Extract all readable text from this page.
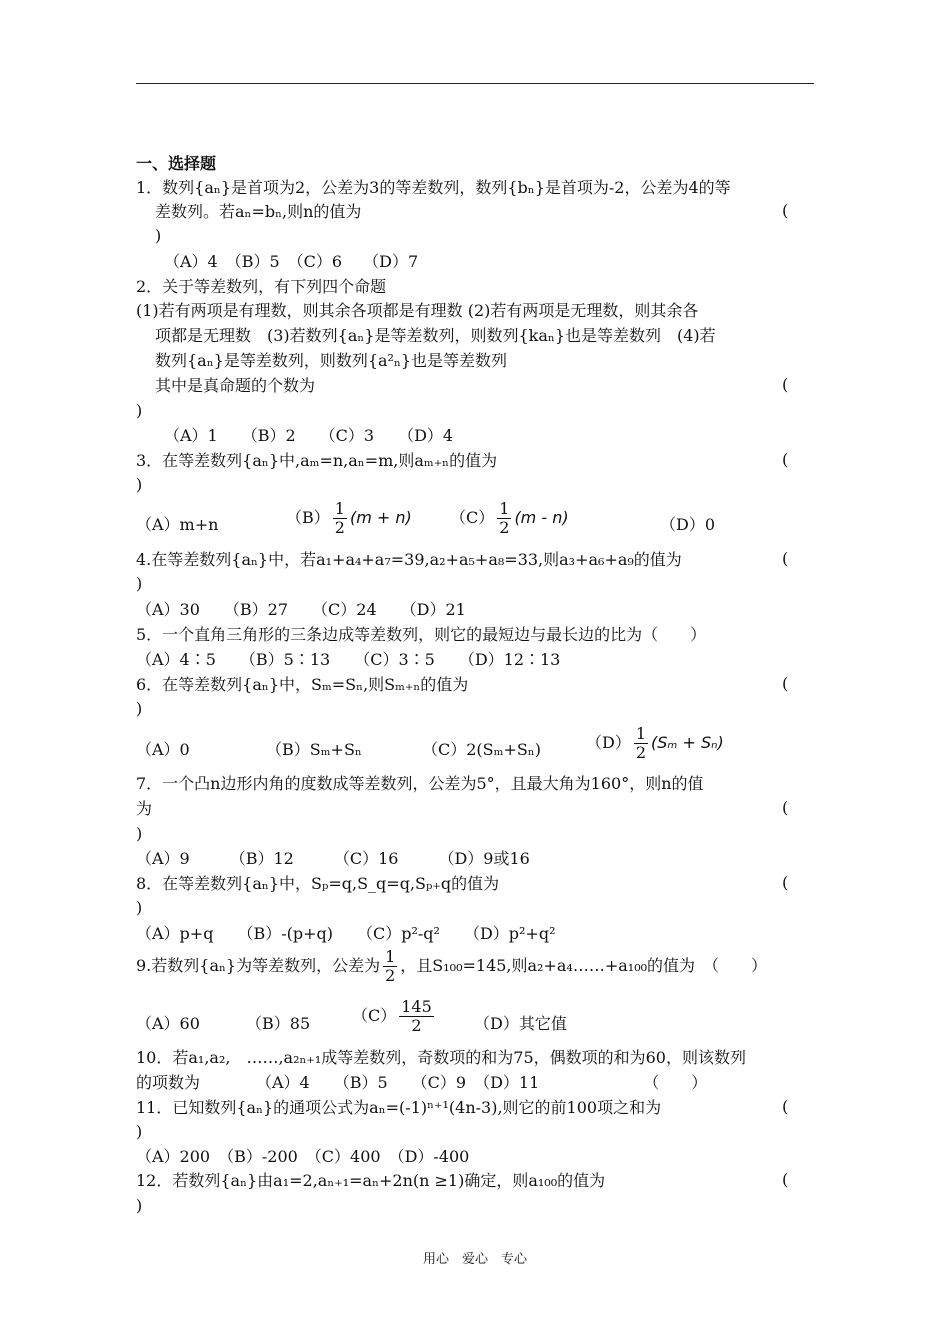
一、选择题
1．数列{aₙ}是首项为2，公差为3的等差数列，数列{bₙ}是首项为-2，公差为4的等
差数列。若aₙ=bₙ,则n的值为	(
)
（A）4　（B）5　（C）6　 （D）7
2．关于等差数列，有下列四个命题
(1)若有两项是有理数，则其余各项都是有理数 (2)若有两项是无理数，则其余各
项都是无理数　(3)若数列{aₙ}是等差数列，则数列{kaₙ}也是等差数列　(4)若
数列{aₙ}是等差数列，则数列{a²ₙ}也是等差数列
其中是真命题的个数为	(
)
（A）1　　（B）2　　（C）3　　（D）4
3．在等差数列{aₙ}中,aₘ=n,aₙ=m,则aₘ₊ₙ的值为	(
)
（A）m+n	$(B) \frac{1}{2} (m + n)$ $(C) \frac{1}{2} (m - n)$	（D）0
4.在等差数列{aₙ}中，若a₁+a₄+a₇=39,a₂+a₅+a₈=33,则a₃+a₆+a₉的值为	(
)
（A）30　　（B）27　　（C）24　　（D）21
5．一个直角三角形的三条边成等差数列，则它的最短边与最长边的比为（　　）
（A）4∶5　　（B）5∶13　　（C）3∶5　　（D）12∶13
6．在等差数列{aₙ}中，Sₘ=Sₙ,则Sₘ₊ₙ的值为	(
)
（A）0	（B）Sₘ+Sₙ	（C）2(Sₘ+Sₙ)	$(D) \frac{1}{2} (S_m + S_n)$
7．一个凸n边形内角的度数成等差数列，公差为5°，且最大角为160°，则n的值
为	(
)
（A）9　　　（B）12　　　（C）16　　　（D）9或16
8．在等差数列{aₙ}中，Sₚ=q,S_q=q,Sₚ₊q的值为	(
)
（A）p+q　　（B）-(p+q)　　（C）p²-q²　　（D）p²+q²
9.若数列{aₙ}为等差数列，公差为 $\frac{1}{2}$ ，且S₁₀₀=145,则a₂+a₄……+a₁₀₀的值为　（　　）
（A）60	（B）85	$(C) \frac{145}{2}$	（D）其它值
10．若a₁,a₂,　……,a₂ₙ₊₁成等差数列，奇数项的和为75，偶数项的和为60，则该数列
的项数为　　　　（A）4　　（B）5　　（C）9　（D）11　　　　　　　（　　）
11．已知数列{aₙ}的通项公式为aₙ=(-1)ⁿ⁺¹(4n-3),则它的前100项之和为	(
)
（A）200　（B）-200　（C）400　（D）-400
12．若数列{aₙ}由a₁=2,aₙ₊₁=aₙ+2n(n ≥1)确定，则a₁₀₀的值为	(
)
用心　爱心　专心
